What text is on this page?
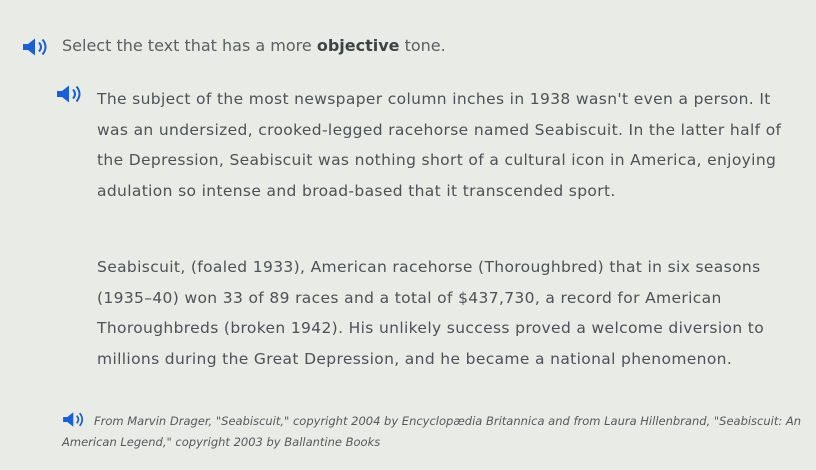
Select the text that has a more objective tone.

The subject of the most newspaper column inches in 1938 wasn't even a person. It was an undersized, crooked-legged racehorse named Seabiscuit. In the latter half of the Depression, Seabiscuit was nothing short of a cultural icon in America, enjoying adulation so intense and broad-based that it transcended sport.

Seabiscuit, (foaled 1933), American racehorse (Thoroughbred) that in six seasons (1935–40) won 33 of 89 races and a total of $437,730, a record for American Thoroughbreds (broken 1942). His unlikely success proved a welcome diversion to millions during the Great Depression, and he became a national phenomenon.

From Marvin Drager, "Seabiscuit," copyright 2004 by Encyclopædia Britannica and from Laura Hillenbrand, "Seabiscuit: An American Legend," copyright 2003 by Ballantine Books
